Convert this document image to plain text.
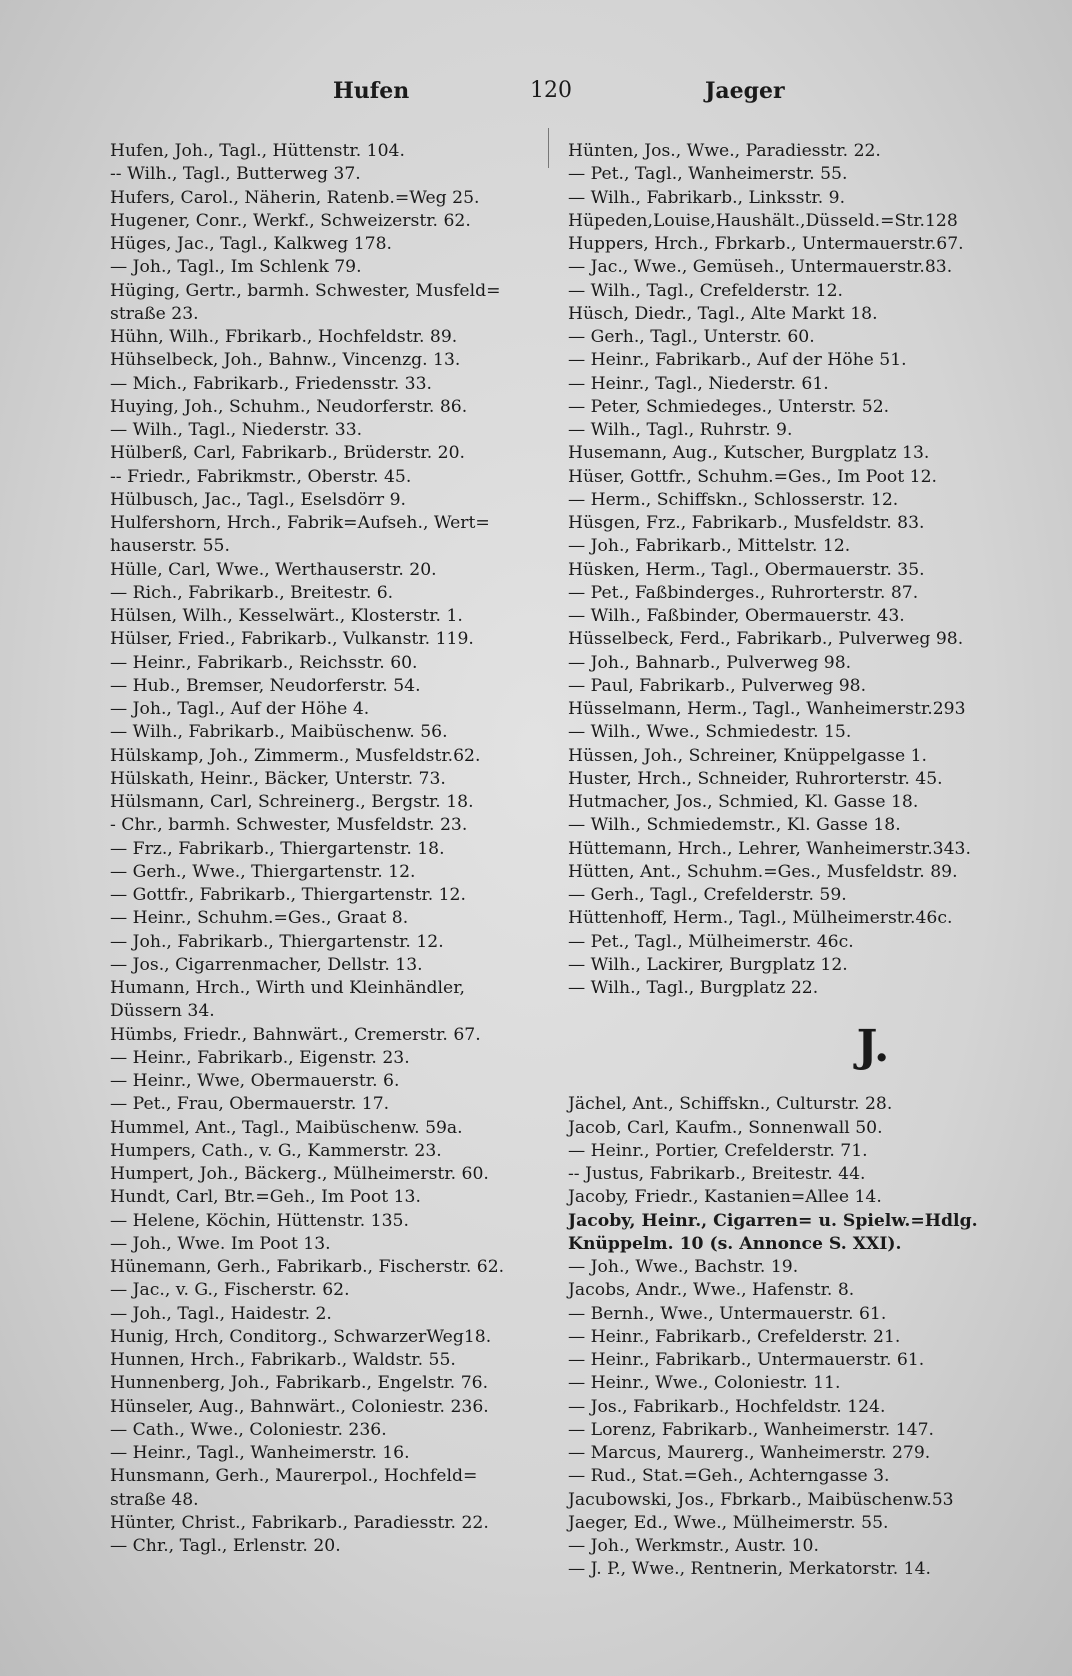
Hufen	120	Jaeger
Hufen, Joh., Tagl., Hüttenstr. 104.
-- Wilh., Tagl., Butterweg 37.
Hufers, Carol., Näherin, Ratenb.=Weg 25.
Hugener, Conr., Werkf., Schweizerstr. 62.
Hüges, Jac., Tagl., Kalkweg 178.
— Joh., Tagl., Im Schlenk 79.
Hüging, Gertr., barmh. Schwester, Musfeld=
straße 23.
Hühn, Wilh., Fbrikarb., Hochfeldstr. 89.
Hühselbeck, Joh., Bahnw., Vincenzg. 13.
— Mich., Fabrikarb., Friedensstr. 33.
Huying, Joh., Schuhm., Neudorferstr. 86.
— Wilh., Tagl., Niederstr. 33.
Hülberß, Carl, Fabrikarb., Brüderstr. 20.
-- Friedr., Fabrikmstr., Oberstr. 45.
Hülbusch, Jac., Tagl., Eselsdörr 9.
Hulfershorn, Hrch., Fabrik=Aufseh., Wert=
hauserstr. 55.
Hülle, Carl, Wwe., Werthauserstr. 20.
— Rich., Fabrikarb., Breitestr. 6.
Hülsen, Wilh., Kesselwärt., Klosterstr. 1.
Hülser, Fried., Fabrikarb., Vulkanstr. 119.
— Heinr., Fabrikarb., Reichsstr. 60.
— Hub., Bremser, Neudorferstr. 54.
— Joh., Tagl., Auf der Höhe 4.
— Wilh., Fabrikarb., Maibüschenw. 56.
Hülskamp, Joh., Zimmerm., Musfeldstr.62.
Hülskath, Heinr., Bäcker, Unterstr. 73.
Hülsmann, Carl, Schreinerg., Bergstr. 18.
- Chr., barmh. Schwester, Musfeldstr. 23.
— Frz., Fabrikarb., Thiergartenstr. 18.
— Gerh., Wwe., Thiergartenstr. 12.
— Gottfr., Fabrikarb., Thiergartenstr. 12.
— Heinr., Schuhm.=Ges., Graat 8.
— Joh., Fabrikarb., Thiergartenstr. 12.
— Jos., Cigarrenmacher, Dellstr. 13.
Humann, Hrch., Wirth und Kleinhändler,
Düssern 34.
Hümbs, Friedr., Bahnwärt., Cremerstr. 67.
— Heinr., Fabrikarb., Eigenstr. 23.
— Heinr., Wwe, Obermauerstr. 6.
— Pet., Frau, Obermauerstr. 17.
Hummel, Ant., Tagl., Maibüschenw. 59a.
Humpers, Cath., v. G., Kammerstr. 23.
Humpert, Joh., Bäckerg., Mülheimerstr. 60.
Hundt, Carl, Btr.=Geh., Im Poot 13.
— Helene, Köchin, Hüttenstr. 135.
— Joh., Wwe. Im Poot 13.
Hünemann, Gerh., Fabrikarb., Fischerstr. 62.
— Jac., v. G., Fischerstr. 62.
— Joh., Tagl., Haidestr. 2.
Hunig, Hrch, Conditorg., SchwarzerWeg18.
Hunnen, Hrch., Fabrikarb., Waldstr. 55.
Hunnenberg, Joh., Fabrikarb., Engelstr. 76.
Hünseler, Aug., Bahnwärt., Coloniestr. 236.
— Cath., Wwe., Coloniestr. 236.
— Heinr., Tagl., Wanheimerstr. 16.
Hunsmann, Gerh., Maurerpol., Hochfeld=
straße 48.
Hünter, Christ., Fabrikarb., Paradiesstr. 22.
— Chr., Tagl., Erlenstr. 20.
Hünten, Jos., Wwe., Paradiesstr. 22.
— Pet., Tagl., Wanheimerstr. 55.
— Wilh., Fabrikarb., Linksstr. 9.
Hüpeden,Louise,Haushält.,Düsseld.=Str.128
Huppers, Hrch., Fbrkarb., Untermauerstr.67.
— Jac., Wwe., Gemüseh., Untermauerstr.83.
— Wilh., Tagl., Crefelderstr. 12.
Hüsch, Diedr., Tagl., Alte Markt 18.
— Gerh., Tagl., Unterstr. 60.
— Heinr., Fabrikarb., Auf der Höhe 51.
— Heinr., Tagl., Niederstr. 61.
— Peter, Schmiedeges., Unterstr. 52.
— Wilh., Tagl., Ruhrstr. 9.
Husemann, Aug., Kutscher, Burgplatz 13.
Hüser, Gottfr., Schuhm.=Ges., Im Poot 12.
— Herm., Schiffskn., Schlosserstr. 12.
Hüsgen, Frz., Fabrikarb., Musfeldstr. 83.
— Joh., Fabrikarb., Mittelstr. 12.
Hüsken, Herm., Tagl., Obermauerstr. 35.
— Pet., Faßbinderges., Ruhrorterstr. 87.
— Wilh., Faßbinder, Obermauerstr. 43.
Hüsselbeck, Ferd., Fabrikarb., Pulverweg 98.
— Joh., Bahnarb., Pulverweg 98.
— Paul, Fabrikarb., Pulverweg 98.
Hüsselmann, Herm., Tagl., Wanheimerstr.293
— Wilh., Wwe., Schmiedestr. 15.
Hüssen, Joh., Schreiner, Knüppelgasse 1.
Huster, Hrch., Schneider, Ruhrorterstr. 45.
Hutmacher, Jos., Schmied, Kl. Gasse 18.
— Wilh., Schmiedemstr., Kl. Gasse 18.
Hüttemann, Hrch., Lehrer, Wanheimerstr.343.
Hütten, Ant., Schuhm.=Ges., Musfeldstr. 89.
— Gerh., Tagl., Crefelderstr. 59.
Hüttenhoff, Herm., Tagl., Mülheimerstr.46c.
— Pet., Tagl., Mülheimerstr. 46c.
— Wilh., Lackirer, Burgplatz 12.
— Wilh., Tagl., Burgplatz 22.
J.
Jächel, Ant., Schiffskn., Culturstr. 28.
Jacob, Carl, Kaufm., Sonnenwall 50.
— Heinr., Portier, Crefelderstr. 71.
-- Justus, Fabrikarb., Breitestr. 44.
Jacoby, Friedr., Kastanien=Allee 14.
Jacoby, Heinr., Cigarren= u. Spielw.=Hdlg.
Knüppelm. 10 (s. Annonce S. XXI).
— Joh., Wwe., Bachstr. 19.
Jacobs, Andr., Wwe., Hafenstr. 8.
— Bernh., Wwe., Untermauerstr. 61.
— Heinr., Fabrikarb., Crefelderstr. 21.
— Heinr., Fabrikarb., Untermauerstr. 61.
— Heinr., Wwe., Coloniestr. 11.
— Jos., Fabrikarb., Hochfeldstr. 124.
— Lorenz, Fabrikarb., Wanheimerstr. 147.
— Marcus, Maurerg., Wanheimerstr. 279.
— Rud., Stat.=Geh., Achterngasse 3.
Jacubowski, Jos., Fbrkarb., Maibüschenw.53
Jaeger, Ed., Wwe., Mülheimerstr. 55.
— Joh., Werkmstr., Austr. 10.
— J. P., Wwe., Rentnerin, Merkatorstr. 14.
